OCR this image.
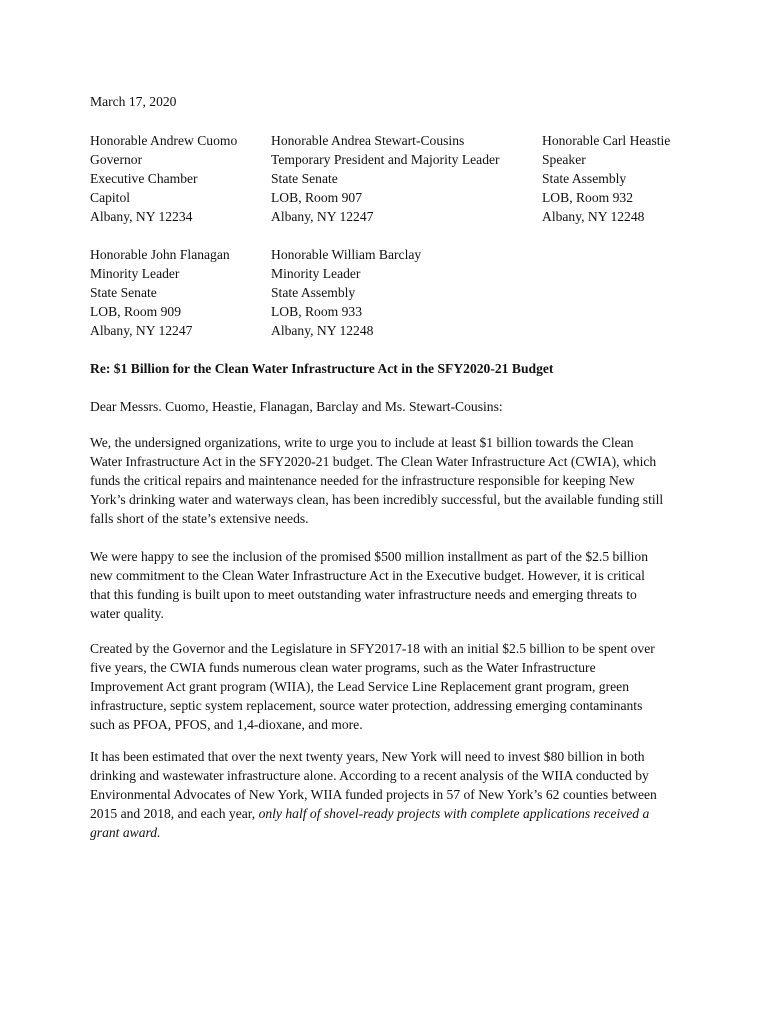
March 17, 2020
Honorable Andrew Cuomo
Governor
Executive Chamber
Capitol
Albany, NY 12234
Honorable Andrea Stewart-Cousins
Temporary President and Majority Leader
State Senate
LOB, Room 907
Albany, NY 12247
Honorable Carl Heastie
Speaker
State Assembly
LOB, Room 932
Albany, NY 12248
Honorable John Flanagan
Minority Leader
State Senate
LOB, Room 909
Albany, NY 12247
Honorable William Barclay
Minority Leader
State Assembly
LOB, Room 933
Albany, NY 12248
Re: $1 Billion for the Clean Water Infrastructure Act in the SFY2020-21 Budget
Dear Messrs. Cuomo, Heastie, Flanagan, Barclay and Ms. Stewart-Cousins:
We, the undersigned organizations, write to urge you to include at least $1 billion towards the Clean
Water Infrastructure Act in the SFY2020-21 budget. The Clean Water Infrastructure Act (CWIA), which
funds the critical repairs and maintenance needed for the infrastructure responsible for keeping New
York’s drinking water and waterways clean, has been incredibly successful, but the available funding still
falls short of the state’s extensive needs.
We were happy to see the inclusion of the promised $500 million installment as part of the $2.5 billion
new commitment to the Clean Water Infrastructure Act in the Executive budget. However, it is critical
that this funding is built upon to meet outstanding water infrastructure needs and emerging threats to
water quality.
Created by the Governor and the Legislature in SFY2017-18 with an initial $2.5 billion to be spent over
five years, the CWIA funds numerous clean water programs, such as the Water Infrastructure
Improvement Act grant program (WIIA), the Lead Service Line Replacement grant program, green
infrastructure, septic system replacement, source water protection, addressing emerging contaminants
such as PFOA, PFOS, and 1,4-dioxane, and more.
It has been estimated that over the next twenty years, New York will need to invest $80 billion in both
drinking and wastewater infrastructure alone. According to a recent analysis of the WIIA conducted by
Environmental Advocates of New York, WIIA funded projects in 57 of New York’s 62 counties between
2015 and 2018, and each year, only half of shovel-ready projects with complete applications received a
grant award.
